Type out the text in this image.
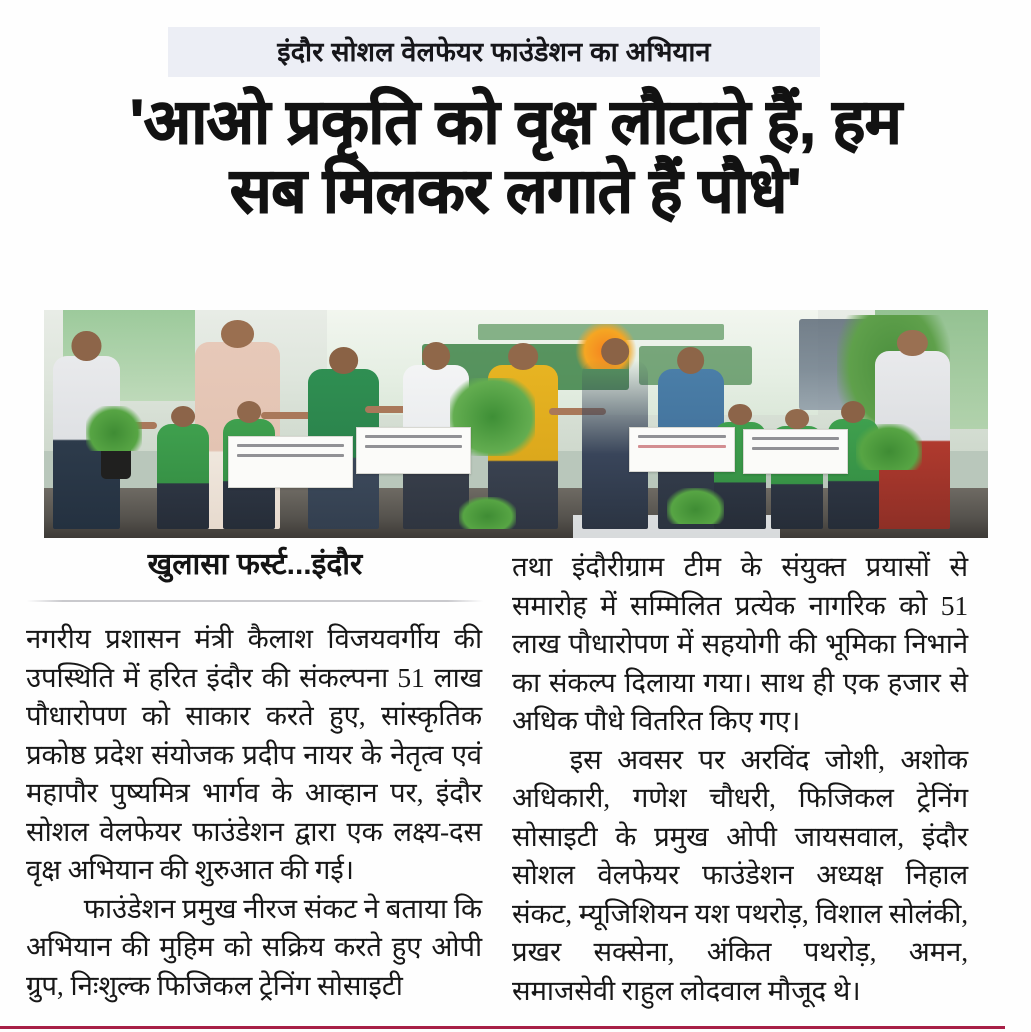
इंदौर सोशल वेलफेयर फाउंडेशन का अभियान
'आओ प्रकृति को वृक्ष लौटाते हैं, हम
सब मिलकर लगाते हैं पौधे'
खुलासा फर्स्ट...इंदौर

नगरीय प्रशासन मंत्री कैलाश विजयवर्गीय की उपस्थिति में हरित इंदौर की संकल्पना 51 लाख पौधारोपण को साकार करते हुए, सांस्कृतिक प्रकोष्ठ प्रदेश संयोजक प्रदीप नायर के नेतृत्व एवं महापौर पुष्यमित्र भार्गव के आव्हान पर, इंदौर सोशल वेलफेयर फाउंडेशन द्वारा एक लक्ष्य-दस वृक्ष अभियान की शुरुआत की गई।

फाउंडेशन प्रमुख नीरज संकट ने बताया कि अभियान की मुहिम को सक्रिय करते हुए ओपी ग्रुप, निःशुल्क फिजिकल ट्रेनिंग सोसाइटी

तथा इंदौरीग्राम टीम के संयुक्त प्रयासों से समारोह में सम्मिलित प्रत्येक नागरिक को 51 लाख पौधारोपण में सहयोगी की भूमिका निभाने का संकल्प दिलाया गया। साथ ही एक हजार से अधिक पौधे वितरित किए गए।

इस अवसर पर अरविंद जोशी, अशोक अधिकारी, गणेश चौधरी, फिजिकल ट्रेनिंग सोसाइटी के प्रमुख ओपी जायसवाल, इंदौर सोशल वेलफेयर फाउंडेशन अध्यक्ष निहाल संकट, म्यूजिशियन यश पथरोड़, विशाल सोलंकी, प्रखर सक्सेना, अंकित पथरोड़, अमन, समाजसेवी राहुल लोदवाल मौजूद थे।
